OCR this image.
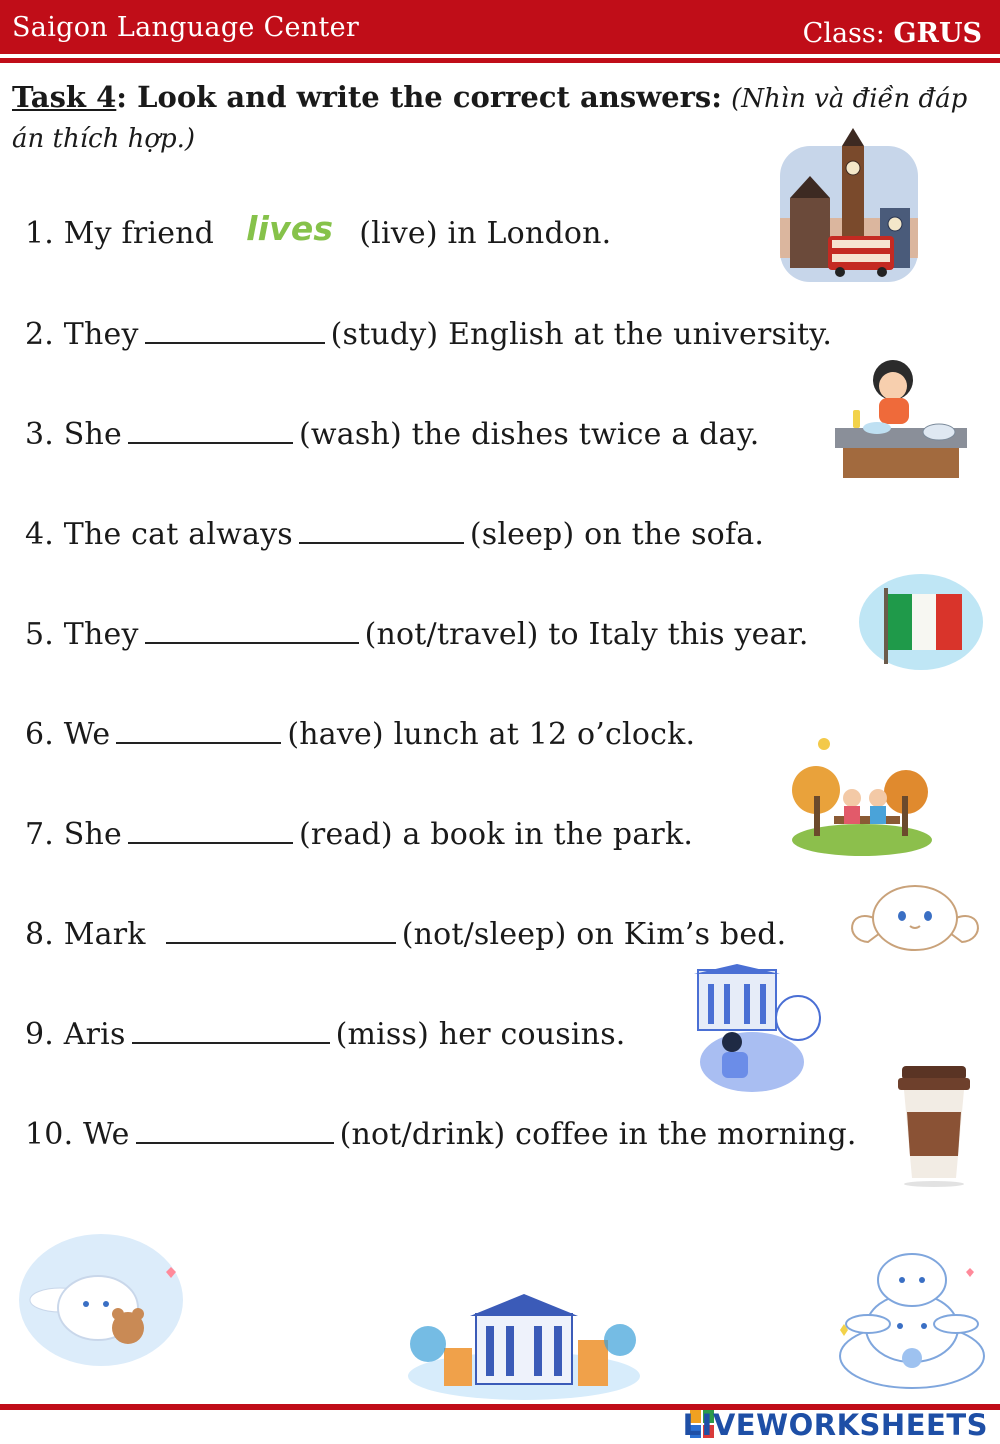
Saigon Language Center	Class: GRUS
Task 4: Look and write the correct answers: (Nhìn và điền đáp án thích hợp.)
1. My friend lives (live) in London.
2. They	(study) English at the university.
3. She	(wash) the dishes twice a day.
4. The cat always	(sleep) on the sofa.
5. They	(not/travel) to Italy this year.
6. We	(have) lunch at 12 o’clock.
7. She	(read) a book in the park.
8. Mark	(not/sleep) on Kim’s bed.
9. Aris	(miss) her cousins.
10. We	(not/drink) coffee in the morning.
LIVEWORKSHEETS
